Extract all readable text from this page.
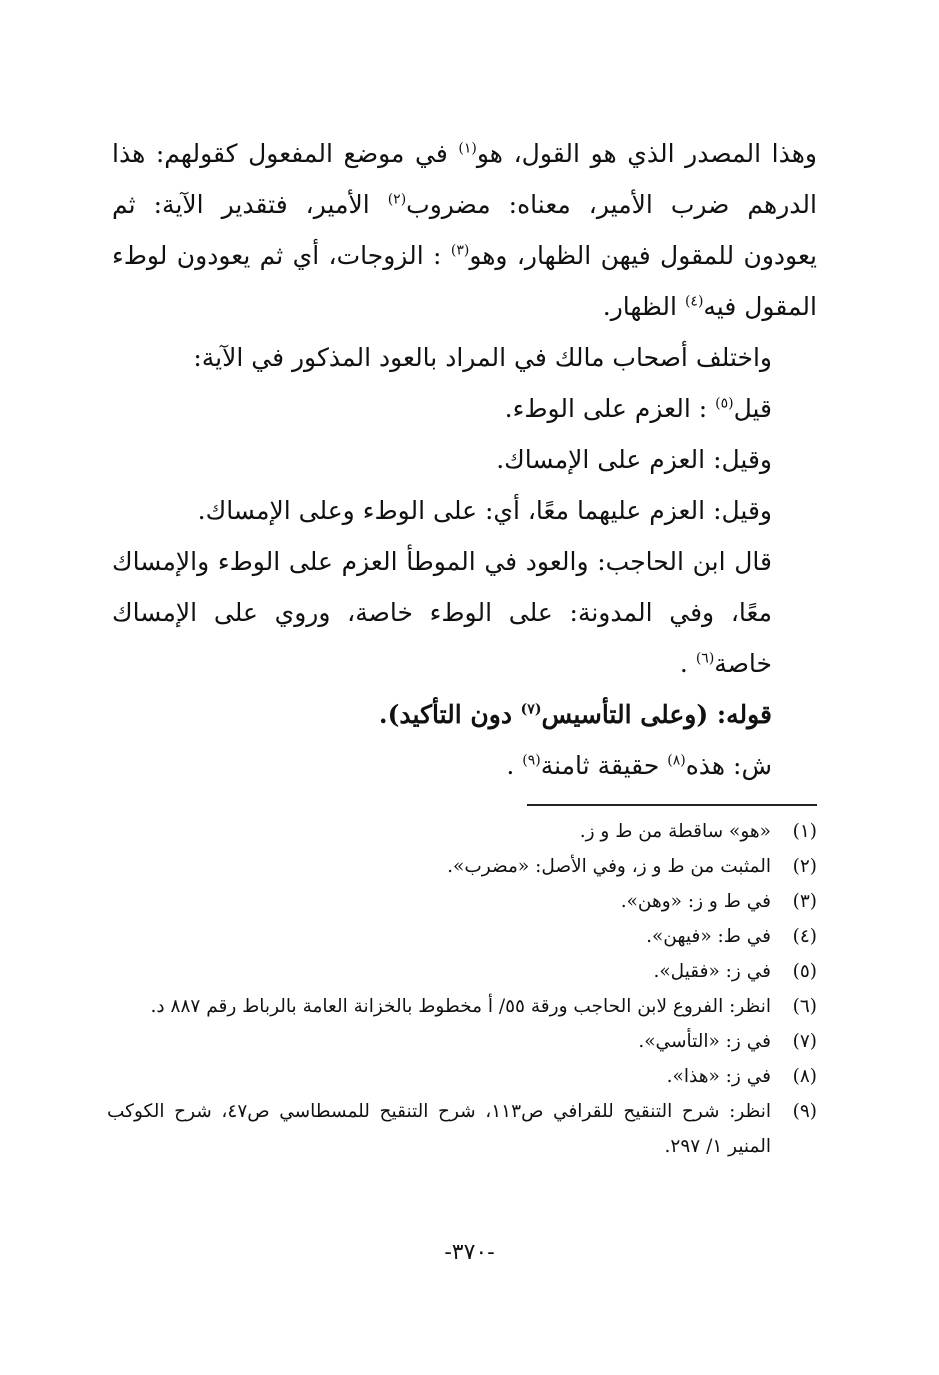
وهذا المصدر الذي هو القول، هو$^{(١)}$ في موضع المفعول كقولهم: هذا الدرهم ضرب الأمير، معناه: مضروب$^{(٢)}$ الأمير، فتقدير الآية: ثم يعودون للمقول فيهن الظهار، وهو$^{(٣)}$ : الزوجات، أي ثم يعودون لوطء المقول فيه$^{(٤)}$ الظهار.

واختلف أصحاب مالك في المراد بالعود المذكور في الآية:

قيل$^{(٥)}$ : العزم على الوطء.

وقيل: العزم على الإمساك.

وقيل: العزم عليهما معًا، أي: على الوطء وعلى الإمساك.

قال ابن الحاجب: والعود في الموطأ العزم على الوطء والإمساك معًا، وفي المدونة: على الوطء خاصة، وروي على الإمساك خاصة$^{(٦)}$ .

قوله: (وعلى التأسيس$^{(٧)}$ دون التأكيد).

ش: هذه$^{(٨)}$ حقيقة ثامنة$^{(٩)}$ .

(١)
«هو» ساقطة من ط و ز.
(٢)
المثبت من ط و ز، وفي الأصل: «مضرب».
(٣)
في ط و ز: «وهن».
(٤)
في ط: «فيهن».
(٥)
في ز: «فقيل».
(٦)
انظر: الفروع لابن الحاجب ورقة ٥٥/ أ مخطوط بالخزانة العامة بالرباط رقم ٨٨٧ د.
(٧)
في ز: «التأسي».
(٨)
في ز: «هذا».
(٩)
انظر: شرح التنقيح للقرافي ص١١٣، شرح التنقيح للمسطاسي ص٤٧، شرح الكوكب المنير ١/ ٢٩٧.
-٣٧٠-
